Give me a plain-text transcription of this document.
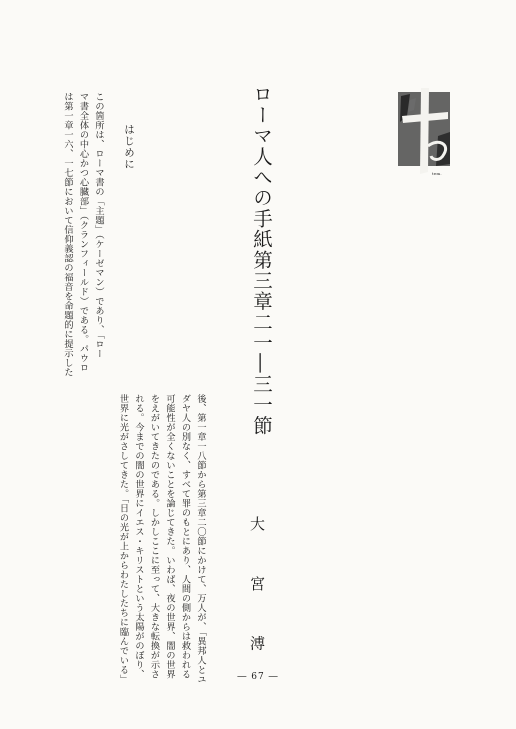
ローマ人への手紙第三章二一―三一節
大 宮 溥
はじめに
この箇所は、ローマ書の「主題」（ケーゼマン）であり、「ロー
マ書全体の中心かつ心臓部」（クランフィールド）である。パウロ
は第一章一六、一七節において信仰義認の福音を命題的に提示した
後、第一章一八節から第三章二〇節にかけて、万人が、「異邦人とユ
ダヤ人の別なく、すべて罪のもとにあり、人間の側からは救われる
可能性が全くないことを論じてきた。いわば、夜の世界、闇の世界
をえがいてきたのである。しかしここに至って、大きな転換が示さ
れる。今までの闇の世界にイエス・キリストという太陽がのぼり、
世界に光がさしてきた。「日の光が上からわたしたちに臨んでいる」
tem.
― 67 ―
